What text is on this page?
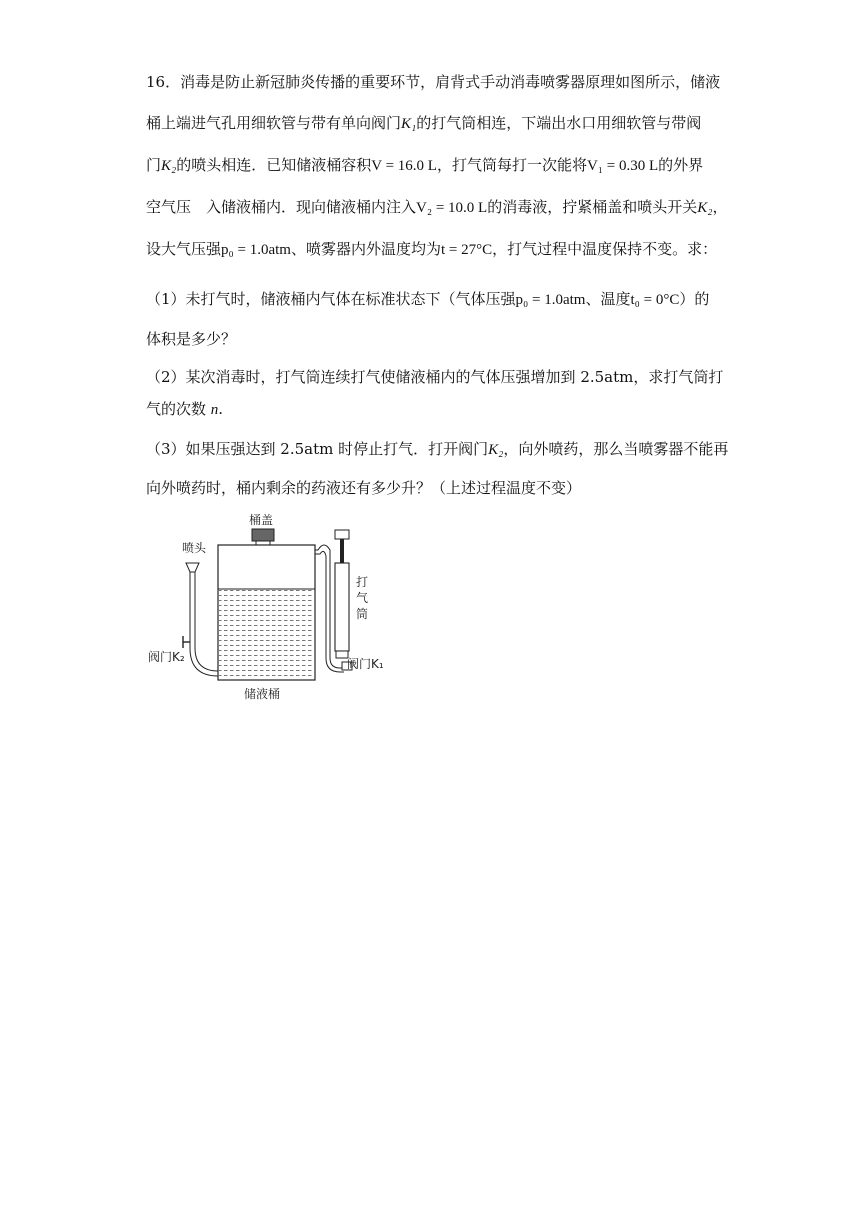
16．消毒是防止新冠肺炎传播的重要环节，肩背式手动消毒喷雾器原理如图所示，储液
桶上端进气孔用细软管与带有单向阀门K₁的打气筒相连，下端出水口用细软管与带阀
门K₂的喷头相连．已知储液桶容积V = 16.0 L，打气筒每打一次能将V₁ = 0.30 L的外界
空气压　入储液桶内．现向储液桶内注入V₂ = 10.0 L的消毒液，拧紧桶盖和喷头开关K₂，
设大气压强p₀ = 1.0atm、喷雾器内外温度均为t = 27°C，打气过程中温度保持不变。求：
（1）未打气时，储液桶内气体在标准状态下（气体压强p₀ = 1.0atm、温度t₀ = 0°C）的
体积是多少？
（2）某次消毒时，打气筒连续打气使储液桶内的气体压强增加到 2.5atm，求打气筒打
气的次数 n.
（3）如果压强达到 2.5atm 时停止打气．打开阀门K₂，向外喷药，那么当喷雾器不能再
向外喷药时，桶内剩余的药液还有多少升？（上述过程温度不变）
桶盖
储液桶
喷头
阀门K₂
打
气
筒
阀门K₁
